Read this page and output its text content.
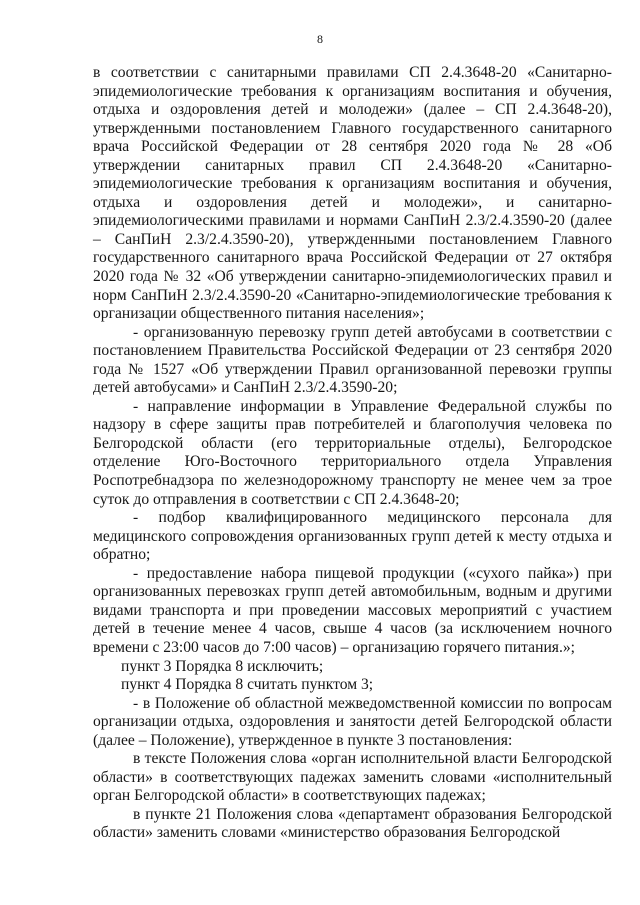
8

в соответствии с санитарными правилами СП 2.4.3648-20 «Санитарно-эпидемиологические требования к организациям воспитания и обучения, отдыха и оздоровления детей и молодежи» (далее – СП 2.4.3648-20), утвержденными постановлением Главного государственного санитарного врача Российской Федерации от 28 сентября 2020 года № 28 «Об утверждении санитарных правил СП 2.4.3648-20 «Санитарно-эпидемиологические требования к организациям воспитания и обучения, отдыха и оздоровления детей и молодежи», и санитарно-эпидемиологическими правилами и нормами СанПиН 2.3/2.4.3590-20 (далее – СанПиН 2.3/2.4.3590-20), утвержденными постановлением Главного государственного санитарного врача Российской Федерации от 27 октября 2020 года № 32 «Об утверждении санитарно-эпидемиологических правил и норм СанПиН 2.3/2.4.3590-20 «Санитарно-эпидемиологические требования к организации общественного питания населения»;

- организованную перевозку групп детей автобусами в соответствии с постановлением Правительства Российской Федерации от 23 сентября 2020 года № 1527 «Об утверждении Правил организованной перевозки группы детей автобусами» и СанПиН 2.3/2.4.3590-20;

- направление информации в Управление Федеральной службы по надзору в сфере защиты прав потребителей и благополучия человека по Белгородской области (его территориальные отделы), Белгородское отделение Юго-Восточного территориального отдела Управления Роспотребнадзора по железнодорожному транспорту не менее чем за трое суток до отправления в соответствии с СП 2.4.3648-20;

- подбор квалифицированного медицинского персонала для медицинского сопровождения организованных групп детей к месту отдыха и обратно;

- предоставление набора пищевой продукции («сухого пайка») при организованных перевозках групп детей автомобильным, водным и другими видами транспорта и при проведении массовых мероприятий с участием детей в течение менее 4 часов, свыше 4 часов (за исключением ночного времени с 23:00 часов до 7:00 часов) – организацию горячего питания.»;

пункт 3 Порядка 8 исключить;

пункт 4 Порядка 8 считать пунктом 3;

- в Положение об областной межведомственной комиссии по вопросам организации отдыха, оздоровления и занятости детей Белгородской области (далее – Положение), утвержденное в пункте 3 постановления:

в тексте Положения слова «орган исполнительной власти Белгородской области» в соответствующих падежах заменить словами «исполнительный орган Белгородской области» в соответствующих падежах;

в пункте 21 Положения слова «департамент образования Белгородской области» заменить словами «министерство образования Белгородской
